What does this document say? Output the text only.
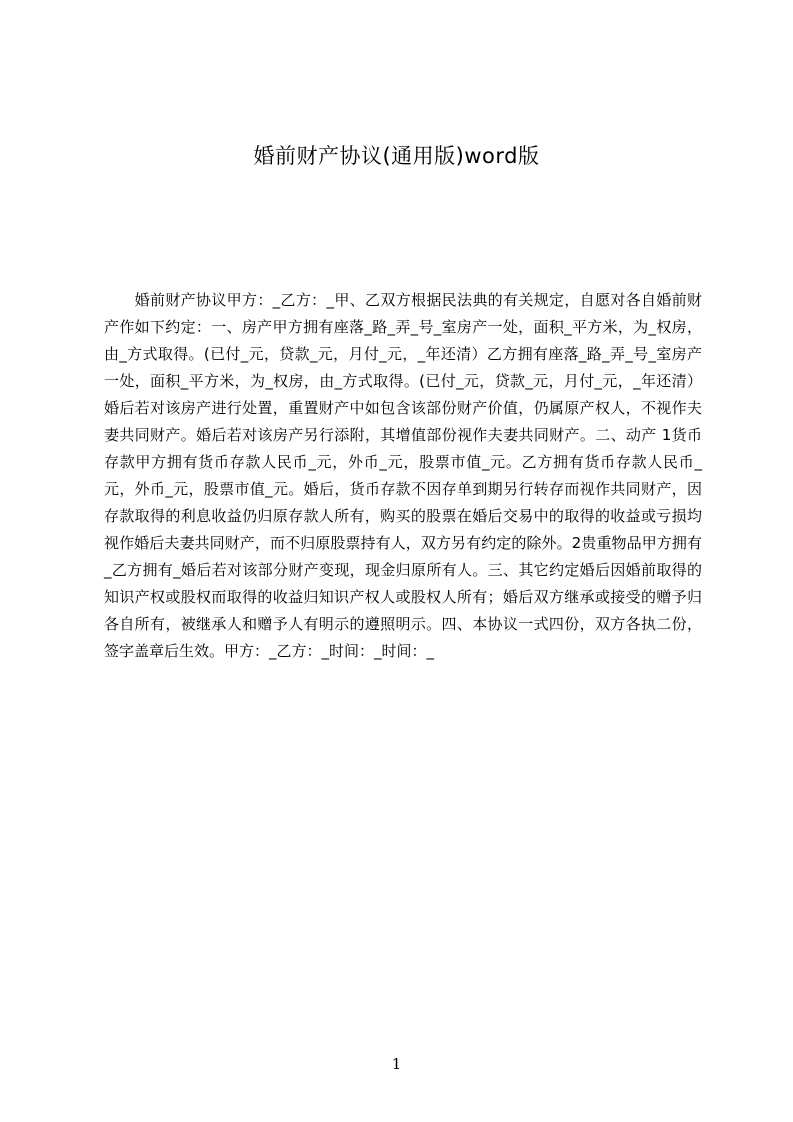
婚前财产协议(通用版)word版

　　婚前财产协议甲方：_乙方：_甲、乙双方根据民法典的有关规定，自愿对各自婚前财产作如下约定：一、房产甲方拥有座落_路_弄_号_室房产一处，面积_平方米，为_权房，由_方式取得。(已付_元，贷款_元，月付_元，_年还清）乙方拥有座落_路_弄_号_室房产一处，面积_平方米，为_权房，由_方式取得。(已付_元，贷款_元，月付_元，_年还清）婚后若对该房产进行处置，重置财产中如包含该部份财产价值，仍属原产权人，不视作夫妻共同财产。婚后若对该房产另行添附，其增值部份视作夫妻共同财产。二、动产 1货币存款甲方拥有货币存款人民币_元，外币_元，股票市值_元。乙方拥有货币存款人民币_元，外币_元，股票市值_元。婚后，货币存款不因存单到期另行转存而视作共同财产，因存款取得的利息收益仍归原存款人所有，购买的股票在婚后交易中的取得的收益或亏损均视作婚后夫妻共同财产，而不归原股票持有人，双方另有约定的除外。2贵重物品甲方拥有_乙方拥有_婚后若对该部分财产变现，现金归原所有人。三、其它约定婚后因婚前取得的知识产权或股权而取得的收益归知识产权人或股权人所有；婚后双方继承或接受的赠予归各自所有，被继承人和赠予人有明示的遵照明示。四、本协议一式四份，双方各执二份，签字盖章后生效。甲方：_乙方：_时间：_时间：_

1
